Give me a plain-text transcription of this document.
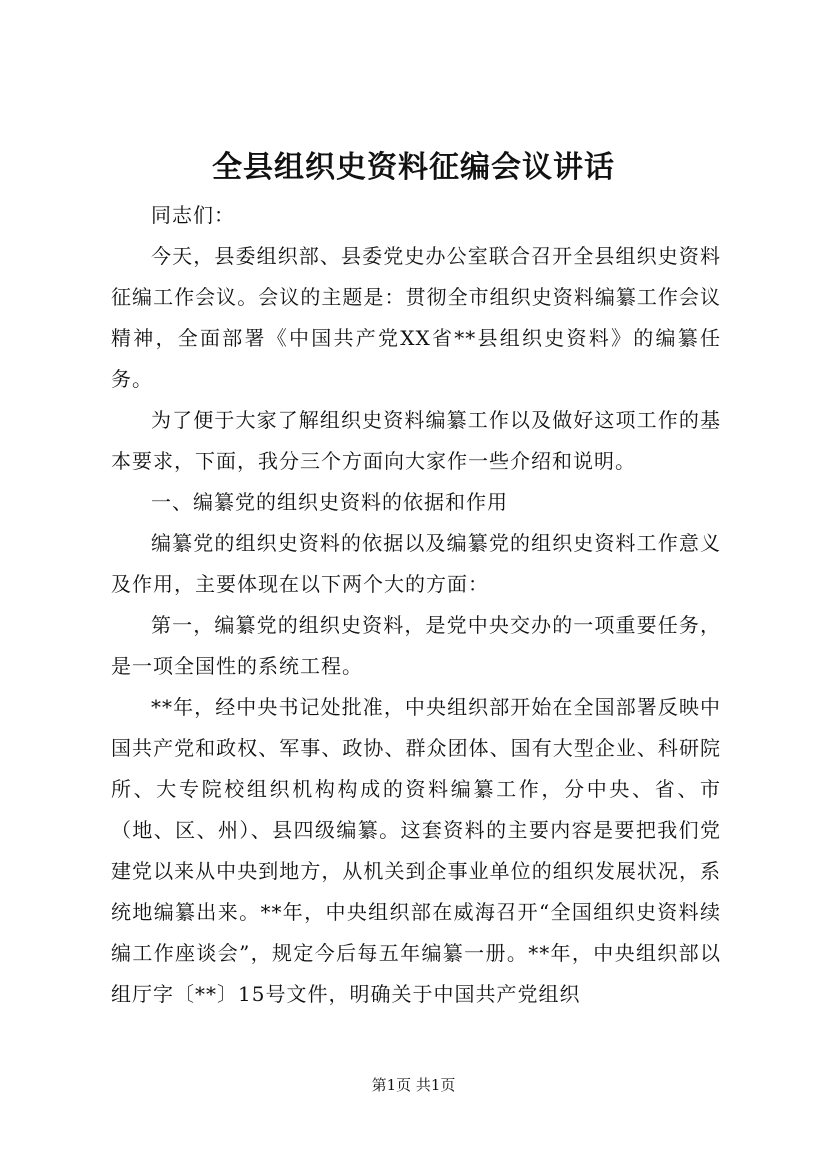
全县组织史资料征编会议讲话

同志们：

今天，县委组织部、县委党史办公室联合召开全县组织史资料征编工作会议。会议的主题是：贯彻全市组织史资料编纂工作会议精神，全面部署《中国共产党XX省**县组织史资料》的编纂任务。

为了便于大家了解组织史资料编纂工作以及做好这项工作的基本要求，下面，我分三个方面向大家作一些介绍和说明。

一、编纂党的组织史资料的依据和作用

编纂党的组织史资料的依据以及编纂党的组织史资料工作意义及作用，主要体现在以下两个大的方面：

第一，编纂党的组织史资料，是党中央交办的一项重要任务，是一项全国性的系统工程。

**年，经中央书记处批准，中央组织部开始在全国部署反映中国共产党和政权、军事、政协、群众团体、国有大型企业、科研院所、大专院校组织机构构成的资料编纂工作，分中央、省、市（地、区、州）、县四级编纂。这套资料的主要内容是要把我们党建党以来从中央到地方，从机关到企事业单位的组织发展状况，系统地编纂出来。**年，中央组织部在威海召开“全国组织史资料续编工作座谈会”，规定今后每五年编纂一册。**年，中央组织部以组厅字〔**〕15号文件，明确关于中国共产党组织

第1页 共1页
